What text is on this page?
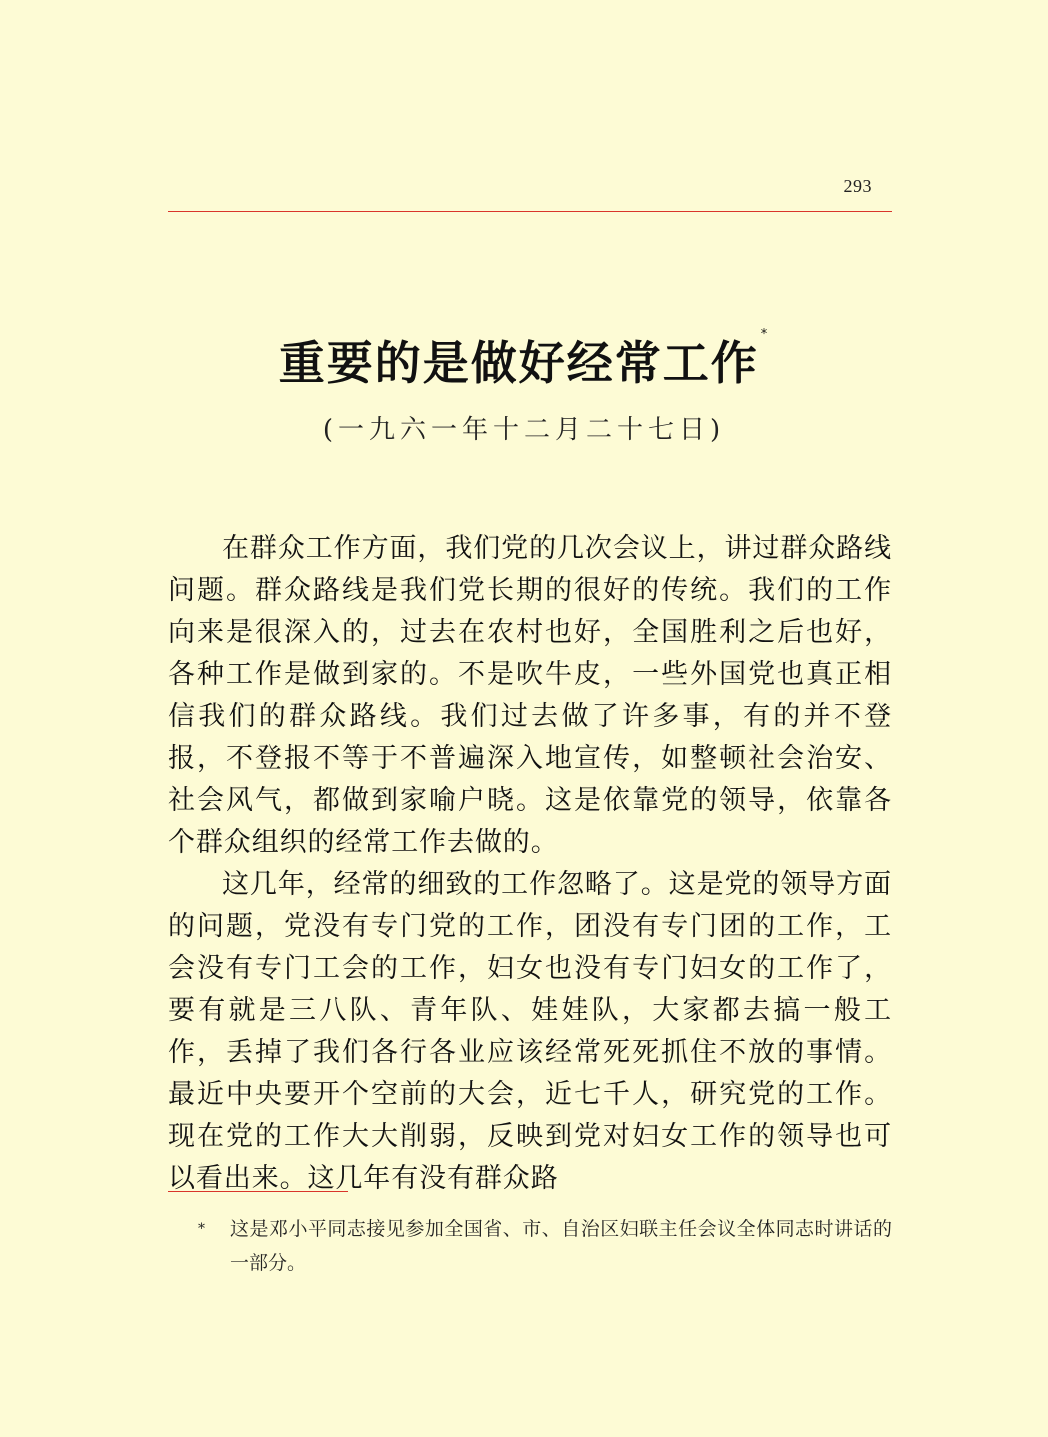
293
重要的是做好经常工作*
(一九六一年十二月二十七日)

在群众工作方面，我们党的几次会议上，讲过群众路线问题。群众路线是我们党长期的很好的传统。我们的工作向来是很深入的，过去在农村也好，全国胜利之后也好，各种工作是做到家的。不是吹牛皮，一些外国党也真正相信我们的群众路线。我们过去做了许多事，有的并不登报，不登报不等于不普遍深入地宣传，如整顿社会治安、社会风气，都做到家喻户晓。这是依靠党的领导，依靠各个群众组织的经常工作去做的。

这几年，经常的细致的工作忽略了。这是党的领导方面的问题，党没有专门党的工作，团没有专门团的工作，工会没有专门工会的工作，妇女也没有专门妇女的工作了，要有就是三八队、青年队、娃娃队，大家都去搞一般工作，丢掉了我们各行各业应该经常死死抓住不放的事情。最近中央要开个空前的大会，近七千人，研究党的工作。现在党的工作大大削弱，反映到党对妇女工作的领导也可以看出来。这几年有没有群众路

*	这是邓小平同志接见参加全国省、市、自治区妇联主任会议全体同志时讲话的一部分。
